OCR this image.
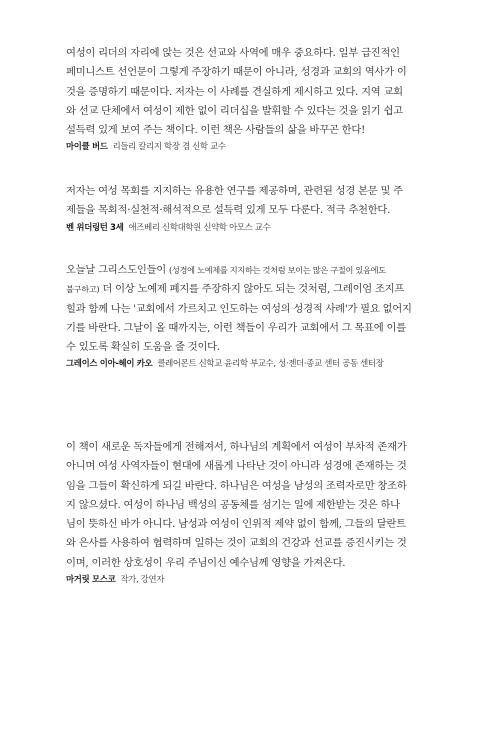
여성이 리더의 자리에 앉는 것은 선교와 사역에 매우 중요하다. 일부 급진적인
페미니스트 선언문이 그렇게 주장하기 때문이 아니라, 성경과 교회의 역사가 이
것을 증명하기 때문이다. 저자는 이 사례를 견실하게 제시하고 있다. 지역 교회
와 선교 단체에서 여성이 제한 없이 리더십을 발휘할 수 있다는 것을 읽기 쉽고
설득력 있게 보여 주는 책이다. 이런 책은 사람들의 삶을 바꾸곤 한다!

마이클 버드 리들리 칼리지 학장 겸 신학 교수

저자는 여성 목회를 지지하는 유용한 연구를 제공하며, 관련된 성경 본문 및 주
제들을 목회적·실천적·해석적으로 설득력 있게 모두 다룬다. 적극 추천한다.

벤 위더링턴 3세 애즈베리 신학대학원 신약학 아모스 교수

오늘날 그리스도인들이 (성경에 노예제를 지지하는 것처럼 보이는 많은 구절이 있음에도
불구하고) 더 이상 노예제 폐지를 주장하지 않아도 되는 것처럼, 그레이엄 조지프
힐과 함께 나는 '교회에서 가르치고 인도하는 여성의 성경적 사례'가 필요 없어지
기를 바란다. 그날이 올 때까지는, 이런 책들이 우리가 교회에서 그 목표에 이를
수 있도록 확실히 도움을 줄 것이다.

그레이스 이아-헤이 카오 클레어몬트 신학교 윤리학 부교수, 성·젠더·종교 센터 공동 센터장

이 책이 새로운 독자들에게 전해져서, 하나님의 계획에서 여성이 부차적 존재가
아니며 여성 사역자들이 현대에 새롭게 나타난 것이 아니라 성경에 존재하는 것
임을 그들이 확신하게 되길 바란다. 하나님은 여성을 남성의 조력자로만 창조하
지 않으셨다. 여성이 하나님 백성의 공동체를 섬기는 일에 제한받는 것은 하나
님이 뜻하신 바가 아니다. 남성과 여성이 인위적 제약 없이 함께, 그들의 달란트
와 은사를 사용하여 협력하며 일하는 것이 교회의 건강과 선교를 증진시키는 것
이며, 이러한 상호성이 우리 주님이신 예수님께 영향을 가져온다.

마거릿 모스코 작가, 강연자
